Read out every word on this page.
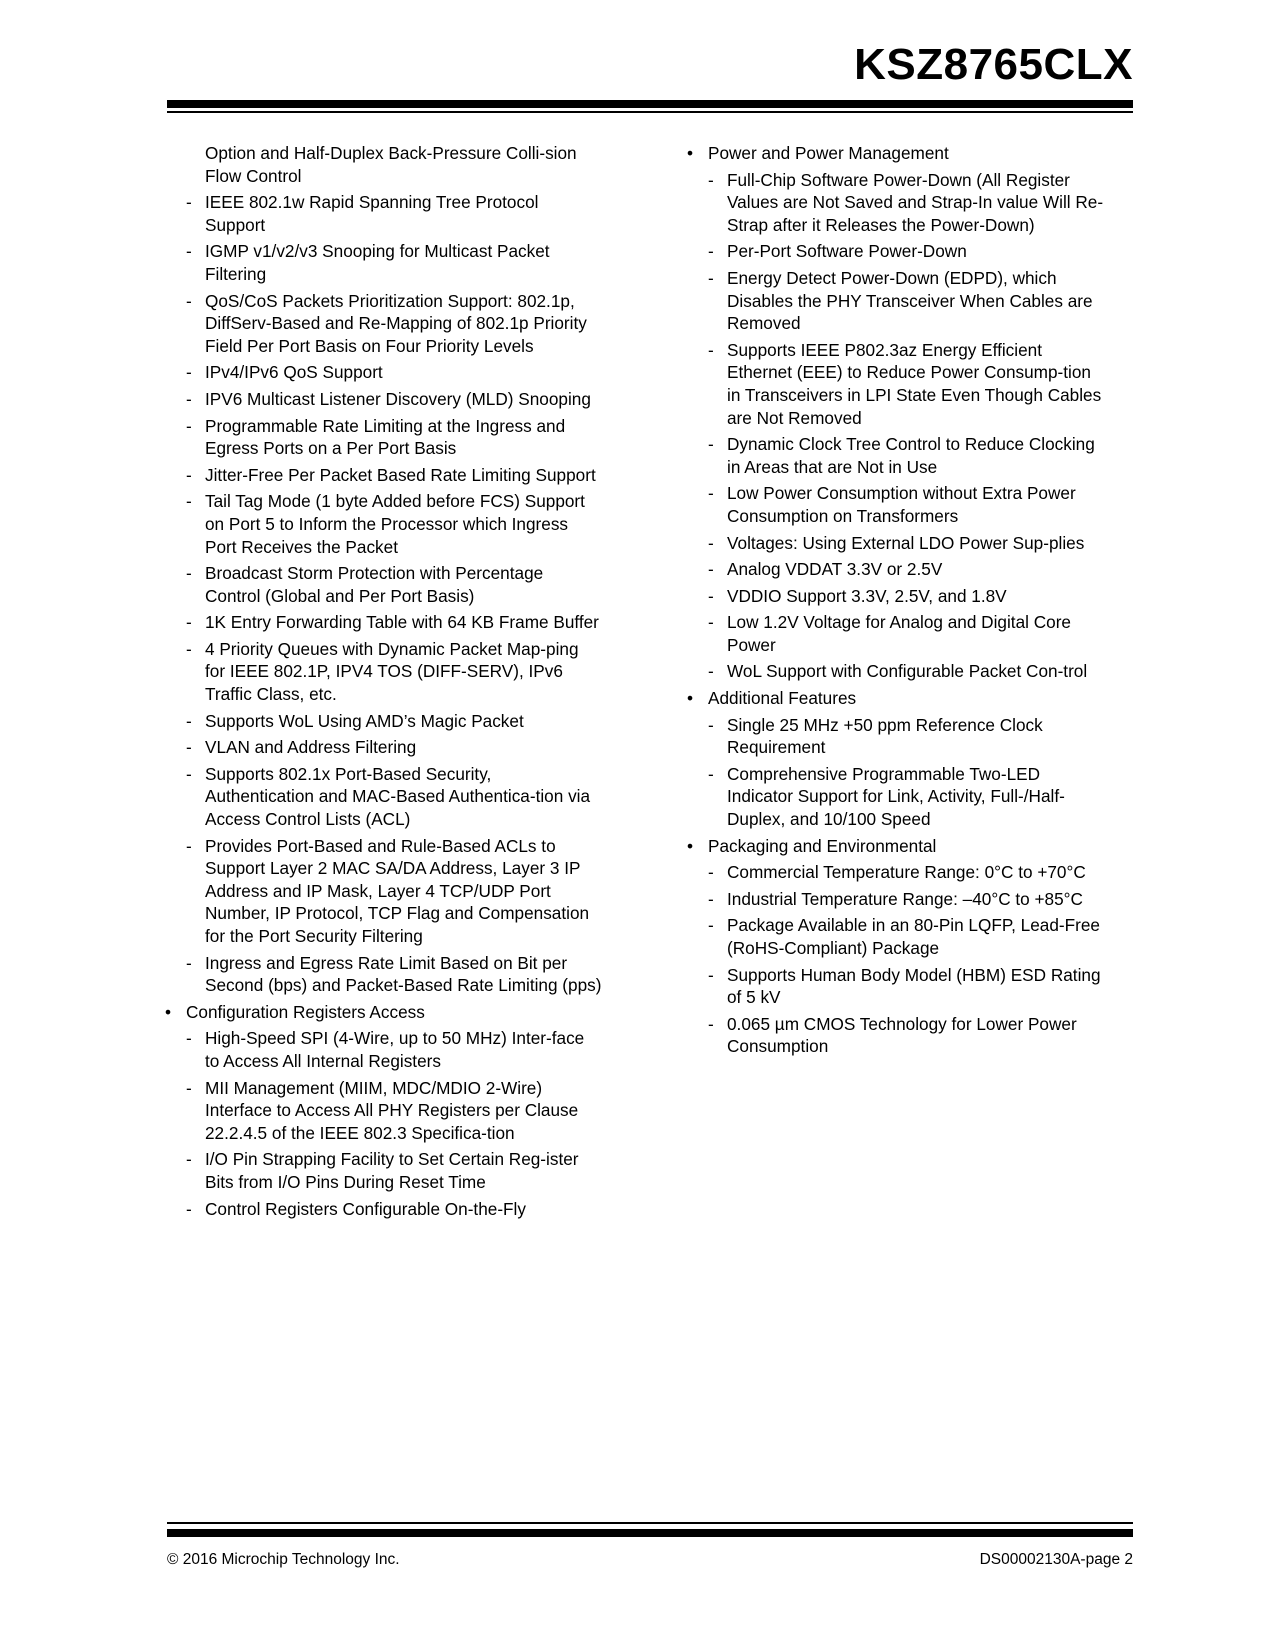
KSZ8765CLX
Option and Half-Duplex Back-Pressure Colli-sion Flow Control
- IEEE 802.1w Rapid Spanning Tree Protocol Support
- IGMP v1/v2/v3 Snooping for Multicast Packet Filtering
- QoS/CoS Packets Prioritization Support: 802.1p, DiffServ-Based and Re-Mapping of 802.1p Priority Field Per Port Basis on Four Priority Levels
- IPv4/IPv6 QoS Support
- IPV6 Multicast Listener Discovery (MLD) Snooping
- Programmable Rate Limiting at the Ingress and Egress Ports on a Per Port Basis
- Jitter-Free Per Packet Based Rate Limiting Support
- Tail Tag Mode (1 byte Added before FCS) Support on Port 5 to Inform the Processor which Ingress Port Receives the Packet
- Broadcast Storm Protection with Percentage Control (Global and Per Port Basis)
- 1K Entry Forwarding Table with 64 KB Frame Buffer
- 4 Priority Queues with Dynamic Packet Map-ping for IEEE 802.1P, IPV4 TOS (DIFF-SERV), IPv6 Traffic Class, etc.
- Supports WoL Using AMD’s Magic Packet
- VLAN and Address Filtering
- Supports 802.1x Port-Based Security, Authentication and MAC-Based Authentica-tion via Access Control Lists (ACL)
- Provides Port-Based and Rule-Based ACLs to Support Layer 2 MAC SA/DA Address, Layer 3 IP Address and IP Mask, Layer 4 TCP/UDP Port Number, IP Protocol, TCP Flag and Compensation for the Port Security Filtering
- Ingress and Egress Rate Limit Based on Bit per Second (bps) and Packet-Based Rate Limiting (pps)
• Configuration Registers Access
- High-Speed SPI (4-Wire, up to 50 MHz) Inter-face to Access All Internal Registers
- MII Management (MIIM, MDC/MDIO 2-Wire) Interface to Access All PHY Registers per Clause 22.2.4.5 of the IEEE 802.3 Specifica-tion
- I/O Pin Strapping Facility to Set Certain Reg-ister Bits from I/O Pins During Reset Time
- Control Registers Configurable On-the-Fly
• Power and Power Management
- Full-Chip Software Power-Down (All Register Values are Not Saved and Strap-In value Will Re-Strap after it Releases the Power-Down)
- Per-Port Software Power-Down
- Energy Detect Power-Down (EDPD), which Disables the PHY Transceiver When Cables are Removed
- Supports IEEE P802.3az Energy Efficient Ethernet (EEE) to Reduce Power Consump-tion in Transceivers in LPI State Even Though Cables are Not Removed
- Dynamic Clock Tree Control to Reduce Clocking in Areas that are Not in Use
- Low Power Consumption without Extra Power Consumption on Transformers
- Voltages: Using External LDO Power Sup-plies
- Analog VDDAT 3.3V or 2.5V
- VDDIO Support 3.3V, 2.5V, and 1.8V
- Low 1.2V Voltage for Analog and Digital Core Power
- WoL Support with Configurable Packet Con-trol
• Additional Features
- Single 25 MHz +50 ppm Reference Clock Requirement
- Comprehensive Programmable Two-LED Indicator Support for Link, Activity, Full-/Half-Duplex, and 10/100 Speed
• Packaging and Environmental
- Commercial Temperature Range: 0°C to +70°C
- Industrial Temperature Range: –40°C to +85°C
- Package Available in an 80-Pin LQFP, Lead-Free (RoHS-Compliant) Package
- Supports Human Body Model (HBM) ESD Rating of 5 kV
- 0.065 µm CMOS Technology for Lower Power Consumption
© 2016 Microchip Technology Inc.	DS00002130A-page 2
